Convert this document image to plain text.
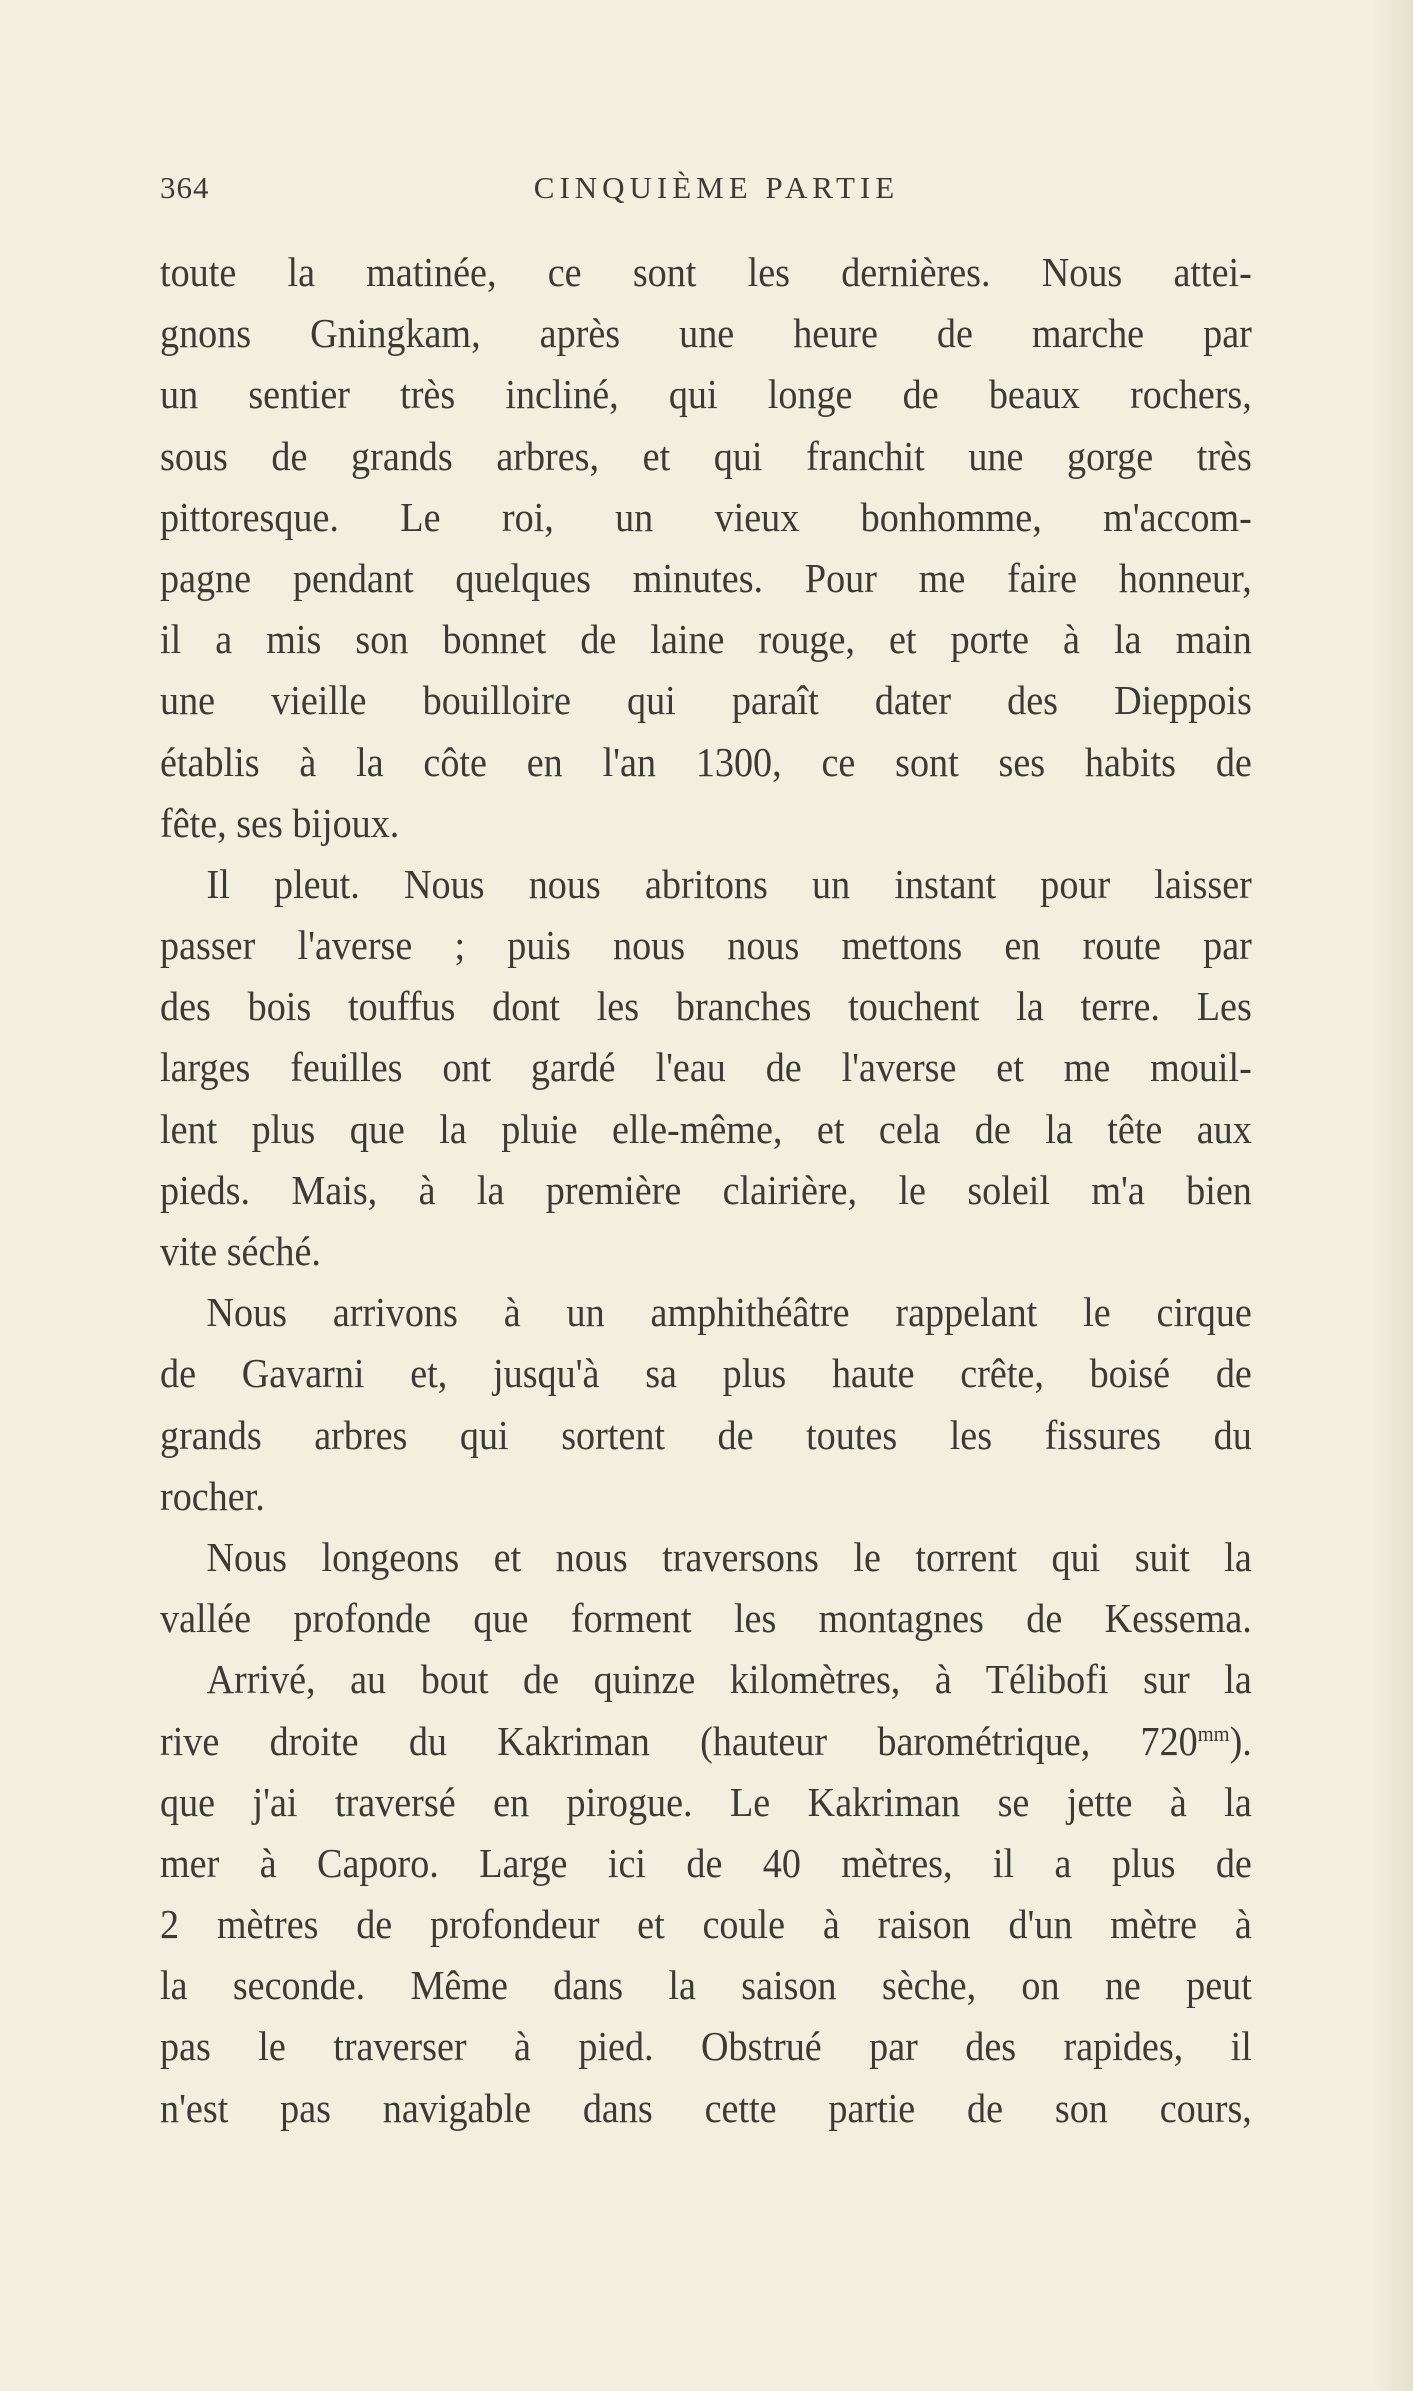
364	CINQUIÈME PARTIE
toute la matinée, ce sont les dernières. Nous attei-
gnons Gningkam, après une heure de marche par
un sentier très incliné, qui longe de beaux rochers,
sous de grands arbres, et qui franchit une gorge très
pittoresque. Le roi, un vieux bonhomme, m'accom-
pagne pendant quelques minutes. Pour me faire honneur,
il a mis son bonnet de laine rouge, et porte à la main
une vieille bouilloire qui paraît dater des Dieppois
établis à la côte en l'an 1300, ce sont ses habits de
fête, ses bijoux.
Il pleut. Nous nous abritons un instant pour laisser
passer l'averse ; puis nous nous mettons en route par
des bois touffus dont les branches touchent la terre. Les
larges feuilles ont gardé l'eau de l'averse et me mouil-
lent plus que la pluie elle-même, et cela de la tête aux
pieds. Mais, à la première clairière, le soleil m'a bien
vite séché.
Nous arrivons à un amphithéâtre rappelant le cirque
de Gavarni et, jusqu'à sa plus haute crête, boisé de
grands arbres qui sortent de toutes les fissures du
rocher.
Nous longeons et nous traversons le torrent qui suit la
vallée profonde que forment les montagnes de Kessema.
Arrivé, au bout de quinze kilomètres, à Télibofi sur la
rive droite du Kakriman (hauteur barométrique, $720^{mm}$).
que j'ai traversé en pirogue. Le Kakriman se jette à la
mer à Caporo. Large ici de 40 mètres, il a plus de
2 mètres de profondeur et coule à raison d'un mètre à
la seconde. Même dans la saison sèche, on ne peut
pas le traverser à pied. Obstrué par des rapides, il
n'est pas navigable dans cette partie de son cours,
